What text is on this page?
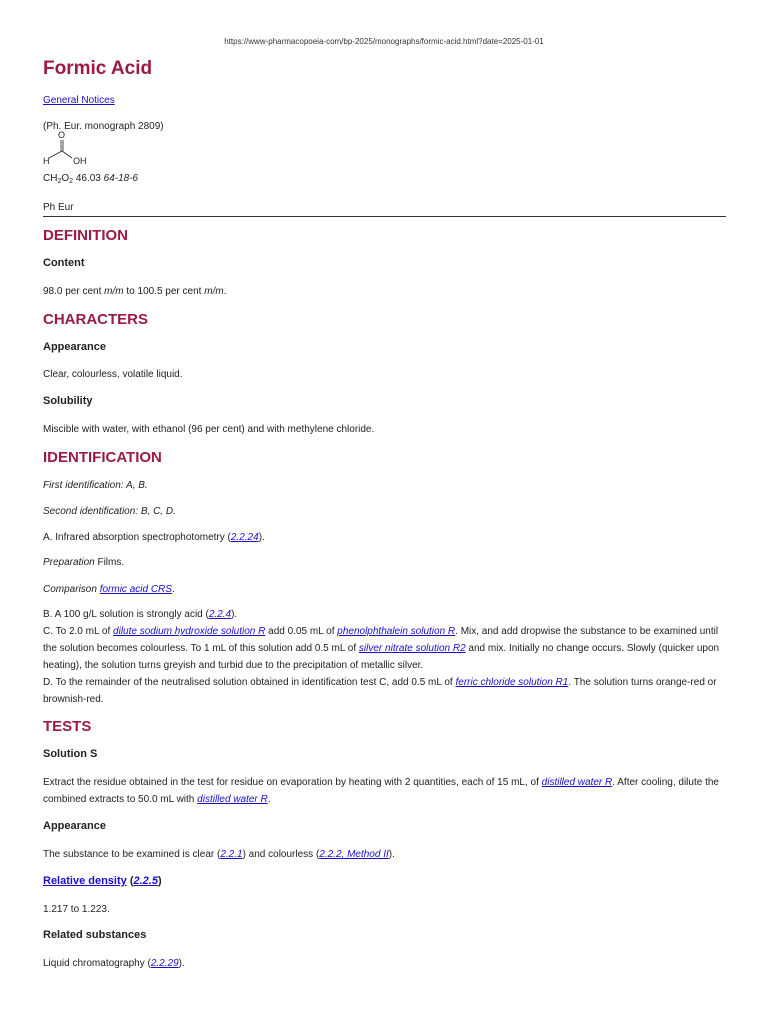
https://www-pharmacopoeia-com/bp-2025/monographs/formic-acid.html?date=2025-01-01
Formic Acid
General Notices
(Ph. Eur. monograph 2809)
O
H	OH
$CH_2O_2$ 46.03 64-18-6
Ph Eur
DEFINITION
Content
98.0 per cent m/m to 100.5 per cent m/m.
CHARACTERS
Appearance
Clear, colourless, volatile liquid.
Solubility
Miscible with water, with ethanol (96 per cent) and with methylene chloride.
IDENTIFICATION
First identification: A, B.
Second identification: B, C, D.
A. Infrared absorption spectrophotometry (2.2.24).
Preparation Films.
Comparison formic acid CRS.
B. A 100 g/L solution is strongly acid (2.2.4).
C. To 2.0 mL of dilute sodium hydroxide solution R add 0.05 mL of phenolphthalein solution R. Mix, and add dropwise the substance to be examined until the solution becomes colourless. To 1 mL of this solution add 0.5 mL of silver nitrate solution R2 and mix. Initially no change occurs. Slowly (quicker upon heating), the solution turns greyish and turbid due to the precipitation of metallic silver.
D. To the remainder of the neutralised solution obtained in identification test C, add 0.5 mL of ferric chloride solution R1. The solution turns orange-red or brownish-red.
TESTS
Solution S
Extract the residue obtained in the test for residue on evaporation by heating with 2 quantities, each of 15 mL, of distilled water R. After cooling, dilute the combined extracts to 50.0 mL with distilled water R.
Appearance
The substance to be examined is clear (2.2.1) and colourless (2.2.2, Method II).
Relative density (2.2.5)
1.217 to 1.223.
Related substances
Liquid chromatography (2.2.29).
